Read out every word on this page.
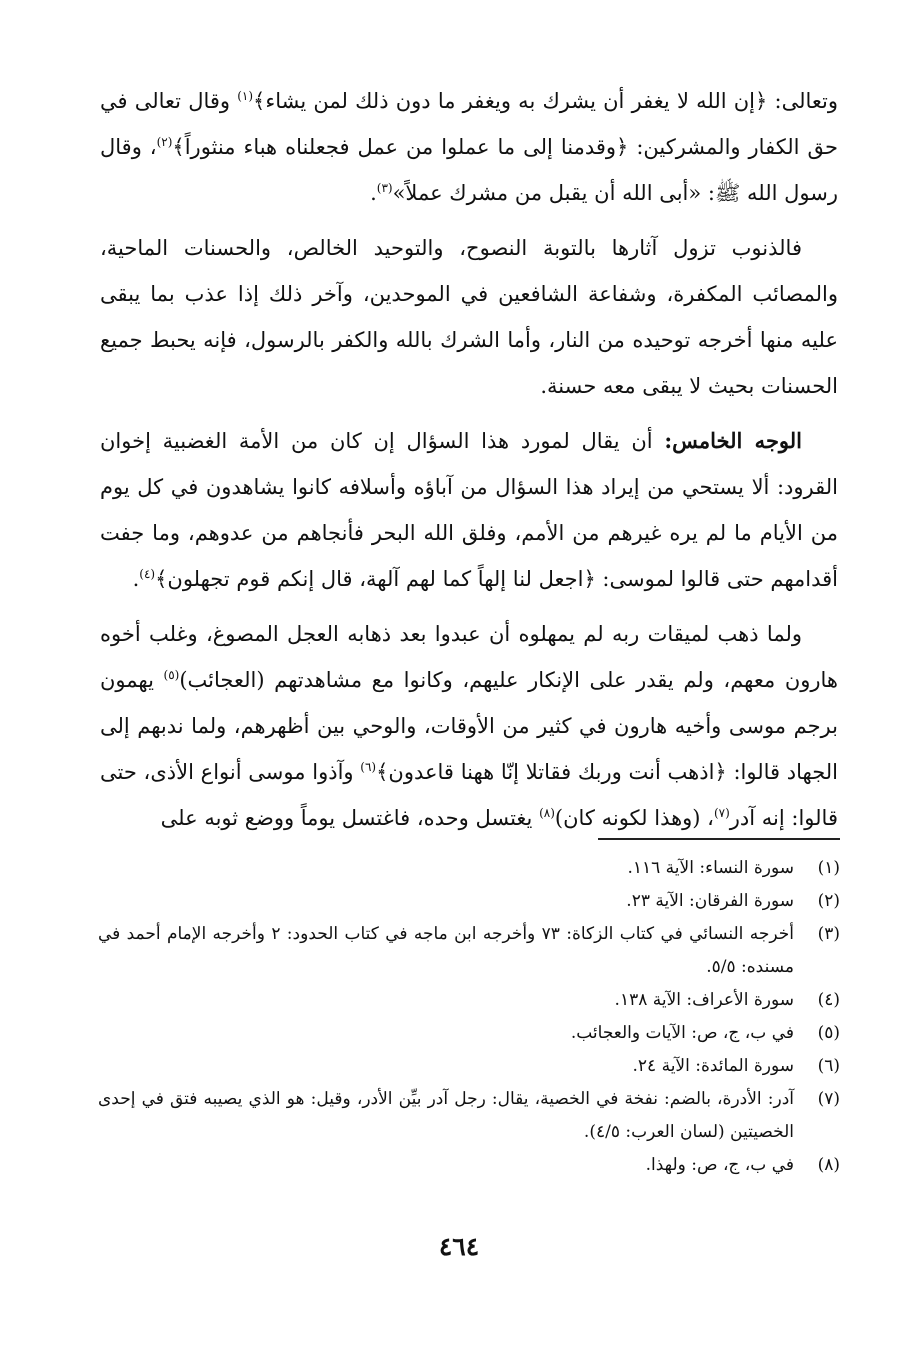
وتعالى: ﴿إن الله لا يغفر أن يشرك به ويغفر ما دون ذلك لمن يشاء﴾$^{(١)}$ وقال تعالى في حق الكفار والمشركين: ﴿وقدمنا إلى ما عملوا من عمل فجعلناه هباء منثوراً﴾$^{(٢)}$، وقال رسول الله ﷺ: «أبى الله أن يقبل من مشرك عملاً»$^{(٣)}$.

فالذنوب تزول آثارها بالتوبة النصوح، والتوحيد الخالص، والحسنات الماحية، والمصائب المكفرة، وشفاعة الشافعين في الموحدين، وآخر ذلك إذا عذب بما يبقى عليه منها أخرجه توحيده من النار، وأما الشرك بالله والكفر بالرسول، فإنه يحبط جميع الحسنات بحيث لا يبقى معه حسنة.

الوجه الخامس: أن يقال لمورد هذا السؤال إن كان من الأمة الغضبية إخوان القرود: ألا يستحي من إيراد هذا السؤال من آباؤه وأسلافه كانوا يشاهدون في كل يوم من الأيام ما لم يره غيرهم من الأمم، وفلق الله البحر فأنجاهم من عدوهم، وما جفت أقدامهم حتى قالوا لموسى: ﴿اجعل لنا إلهاً كما لهم آلهة، قال إنكم قوم تجهلون﴾$^{(٤)}$.

ولما ذهب لميقات ربه لم يمهلوه أن عبدوا بعد ذهابه العجل المصوغ، وغلب أخوه هارون معهم، ولم يقدر على الإنكار عليهم، وكانوا مع مشاهدتهم (العجائب)$^{(٥)}$ يهمون برجم موسى وأخيه هارون في كثير من الأوقات، والوحي بين أظهرهم، ولما ندبهم إلى الجهاد قالوا: ﴿اذهب أنت وربك فقاتلا إنّا ههنا قاعدون﴾$^{(٦)}$ وآذوا موسى أنواع الأذى، حتى قالوا: إنه آدر$^{(٧)}$، (وهذا لكونه كان)$^{(٨)}$ يغتسل وحده، فاغتسل يوماً ووضع ثوبه على

(١)
سورة النساء: الآية ١١٦.
(٢)
سورة الفرقان: الآية ٢٣.
(٣)
أخرجه النسائي في كتاب الزكاة: ٧٣ وأخرجه ابن ماجه في كتاب الحدود: ٢ وأخرجه الإمام أحمد في مسنده: ٥/٥.
(٤)
سورة الأعراف: الآية ١٣٨.
(٥)
في ب، ج، ص: الآيات والعجائب.
(٦)
سورة المائدة: الآية ٢٤.
(٧)
آدر: الأدرة، بالضم: نفخة في الخصية، يقال: رجل آدر بيِّن الأدر، وقيل: هو الذي يصيبه فتق في إحدى الخصيتين (لسان العرب: ٤/٥).
(٨)
في ب، ج، ص: ولهذا.
٤٦٤
